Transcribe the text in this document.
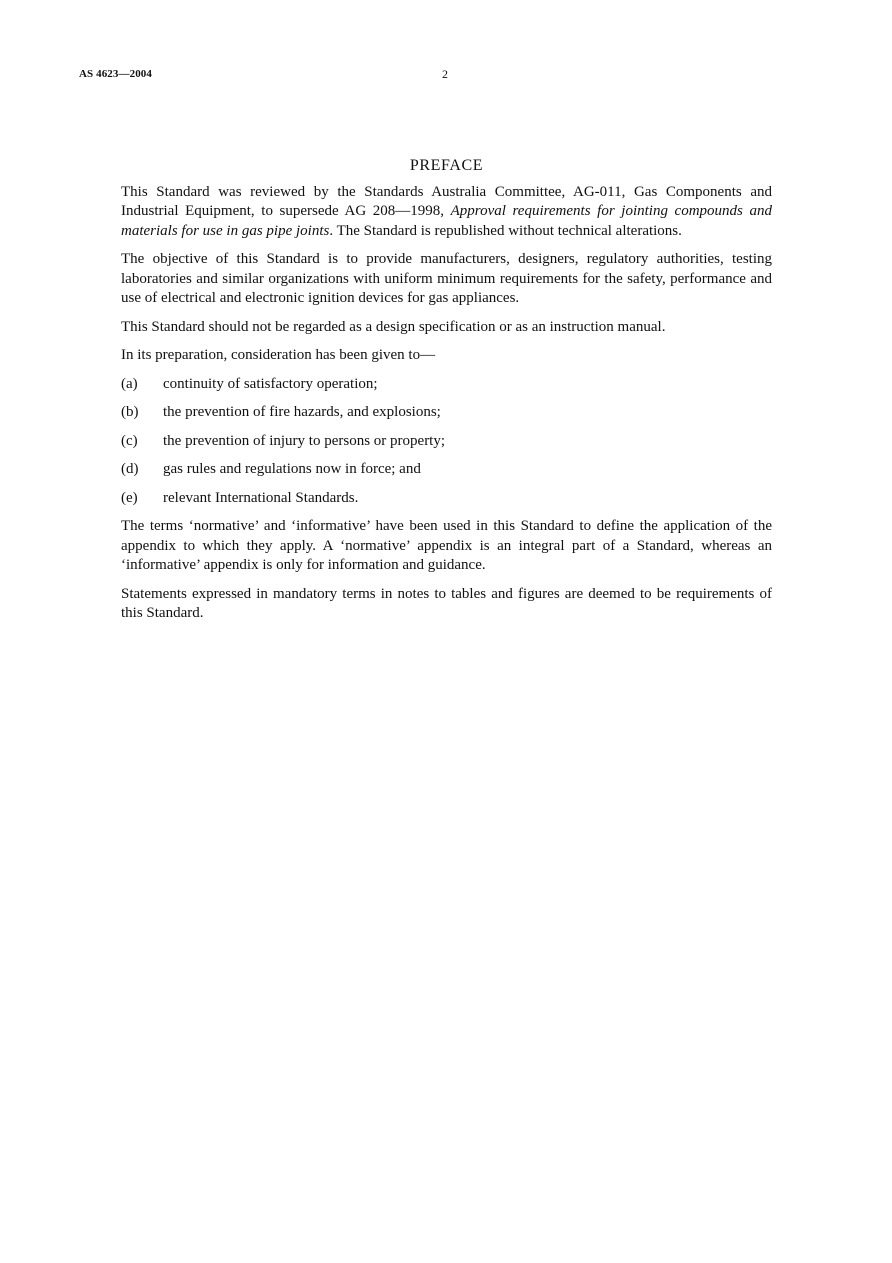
AS 4623—2004	2
PREFACE

This Standard was reviewed by the Standards Australia Committee, AG-011, Gas Components and Industrial Equipment, to supersede AG 208—1998, Approval requirements for jointing compounds and materials for use in gas pipe joints. The Standard is republished without technical alterations.

The objective of this Standard is to provide manufacturers, designers, regulatory authorities, testing laboratories and similar organizations with uniform minimum requirements for the safety, performance and use of electrical and electronic ignition devices for gas appliances.

This Standard should not be regarded as a design specification or as an instruction manual.

In its preparation, consideration has been given to—

(a)	continuity of satisfactory operation;
(b)	the prevention of fire hazards, and explosions;
(c)	the prevention of injury to persons or property;
(d)	gas rules and regulations now in force; and
(e)	relevant International Standards.

The terms ‘normative’ and ‘informative’ have been used in this Standard to define the application of the appendix to which they apply. A ‘normative’ appendix is an integral part of a Standard, whereas an ‘informative’ appendix is only for information and guidance.

Statements expressed in mandatory terms in notes to tables and figures are deemed to be requirements of this Standard.
